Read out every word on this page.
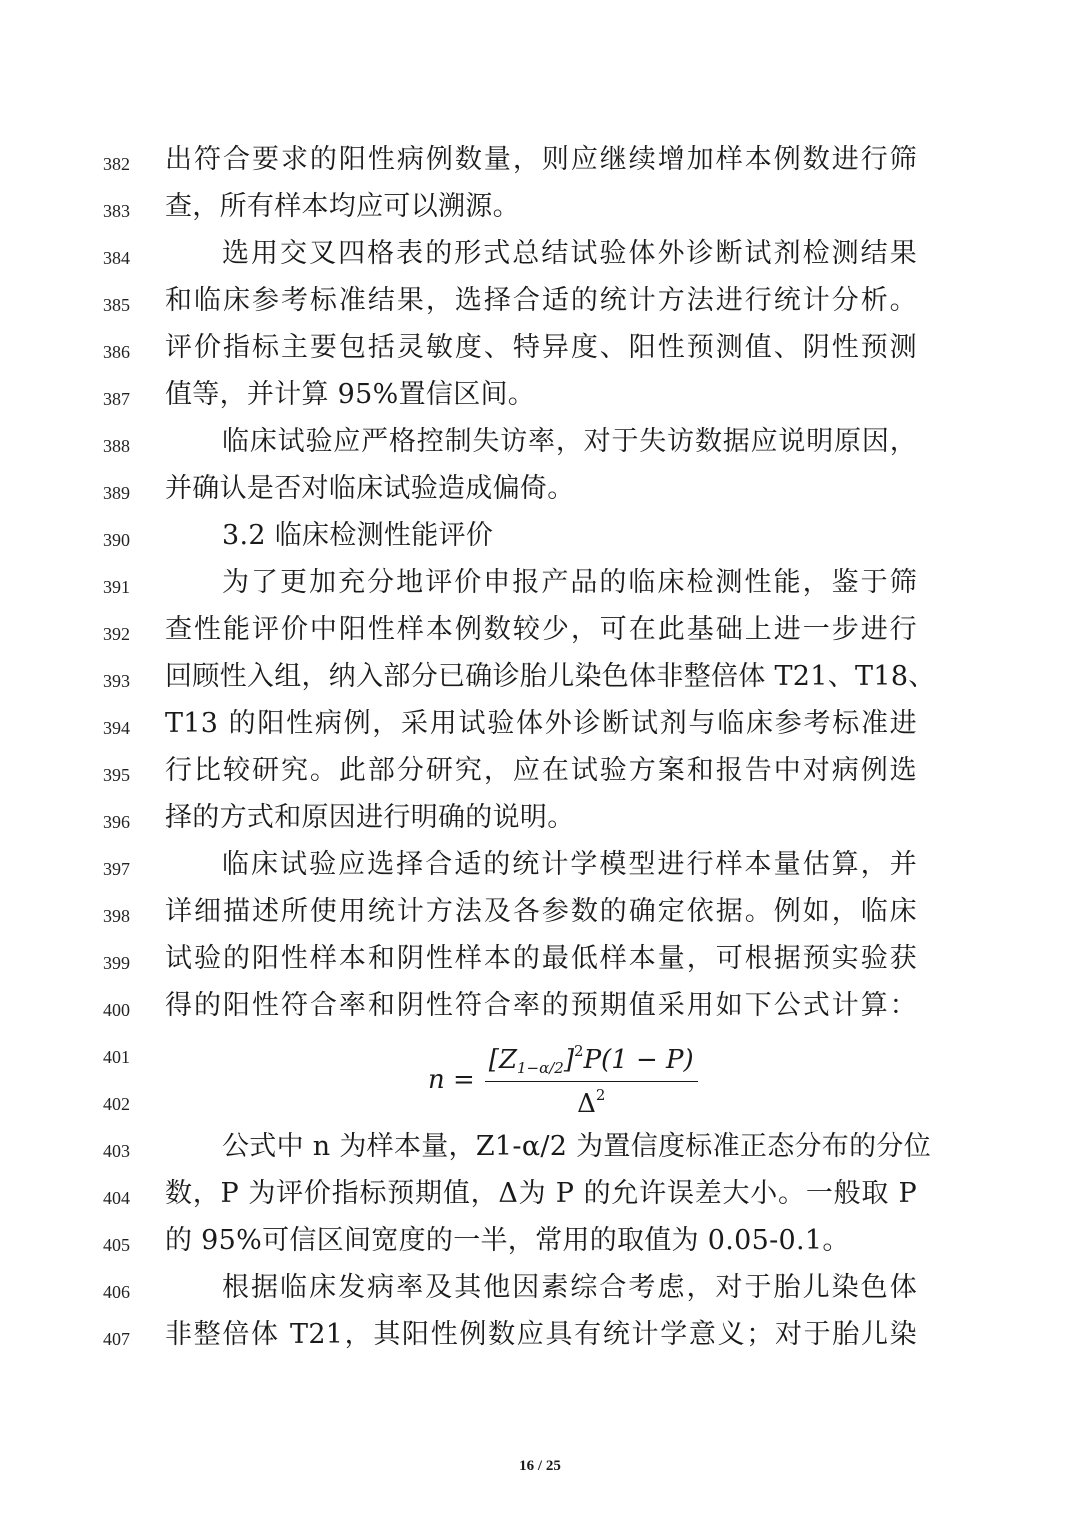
382	出符合要求的阳性病例数量，则应继续增加样本例数进行筛
383	查，所有样本均应可以溯源。
384	选用交叉四格表的形式总结试验体外诊断试剂检测结果
385	和临床参考标准结果，选择合适的统计方法进行统计分析。
386	评价指标主要包括灵敏度、特异度、阳性预测值、阴性预测
387	值等，并计算 95%置信区间。
388	临床试验应严格控制失访率，对于失访数据应说明原因，
389	并确认是否对临床试验造成偏倚。
390	3.2 临床检测性能评价
391	为了更加充分地评价申报产品的临床检测性能，鉴于筛
392	查性能评价中阳性样本例数较少，可在此基础上进一步进行
393	回顾性入组，纳入部分已确诊胎儿染色体非整倍体 T21、T18、
394	T13 的阳性病例，采用试验体外诊断试剂与临床参考标准进
395	行比较研究。此部分研究，应在试验方案和报告中对病例选
396	择的方式和原因进行明确的说明。
397	临床试验应选择合适的统计学模型进行样本量估算，并
398	详细描述所使用统计方法及各参数的确定依据。例如，临床
399	试验的阳性样本和阴性样本的最低样本量，可根据预实验获
400	得的阳性符合率和阴性符合率的预期值采用如下公式计算：
401
402
$n = \frac{[Z_{1-\alpha/2}]^2P(1 - P)}{\Delta^2}$
403	公式中 n 为样本量，Z1-α/2 为置信度标准正态分布的分位
404	数，P 为评价指标预期值，Δ为 P 的允许误差大小。一般取 P
405	的 95%可信区间宽度的一半，常用的取值为 0.05-0.1。
406	根据临床发病率及其他因素综合考虑，对于胎儿染色体
407	非整倍体 T21，其阳性例数应具有统计学意义；对于胎儿染
16 / 25
